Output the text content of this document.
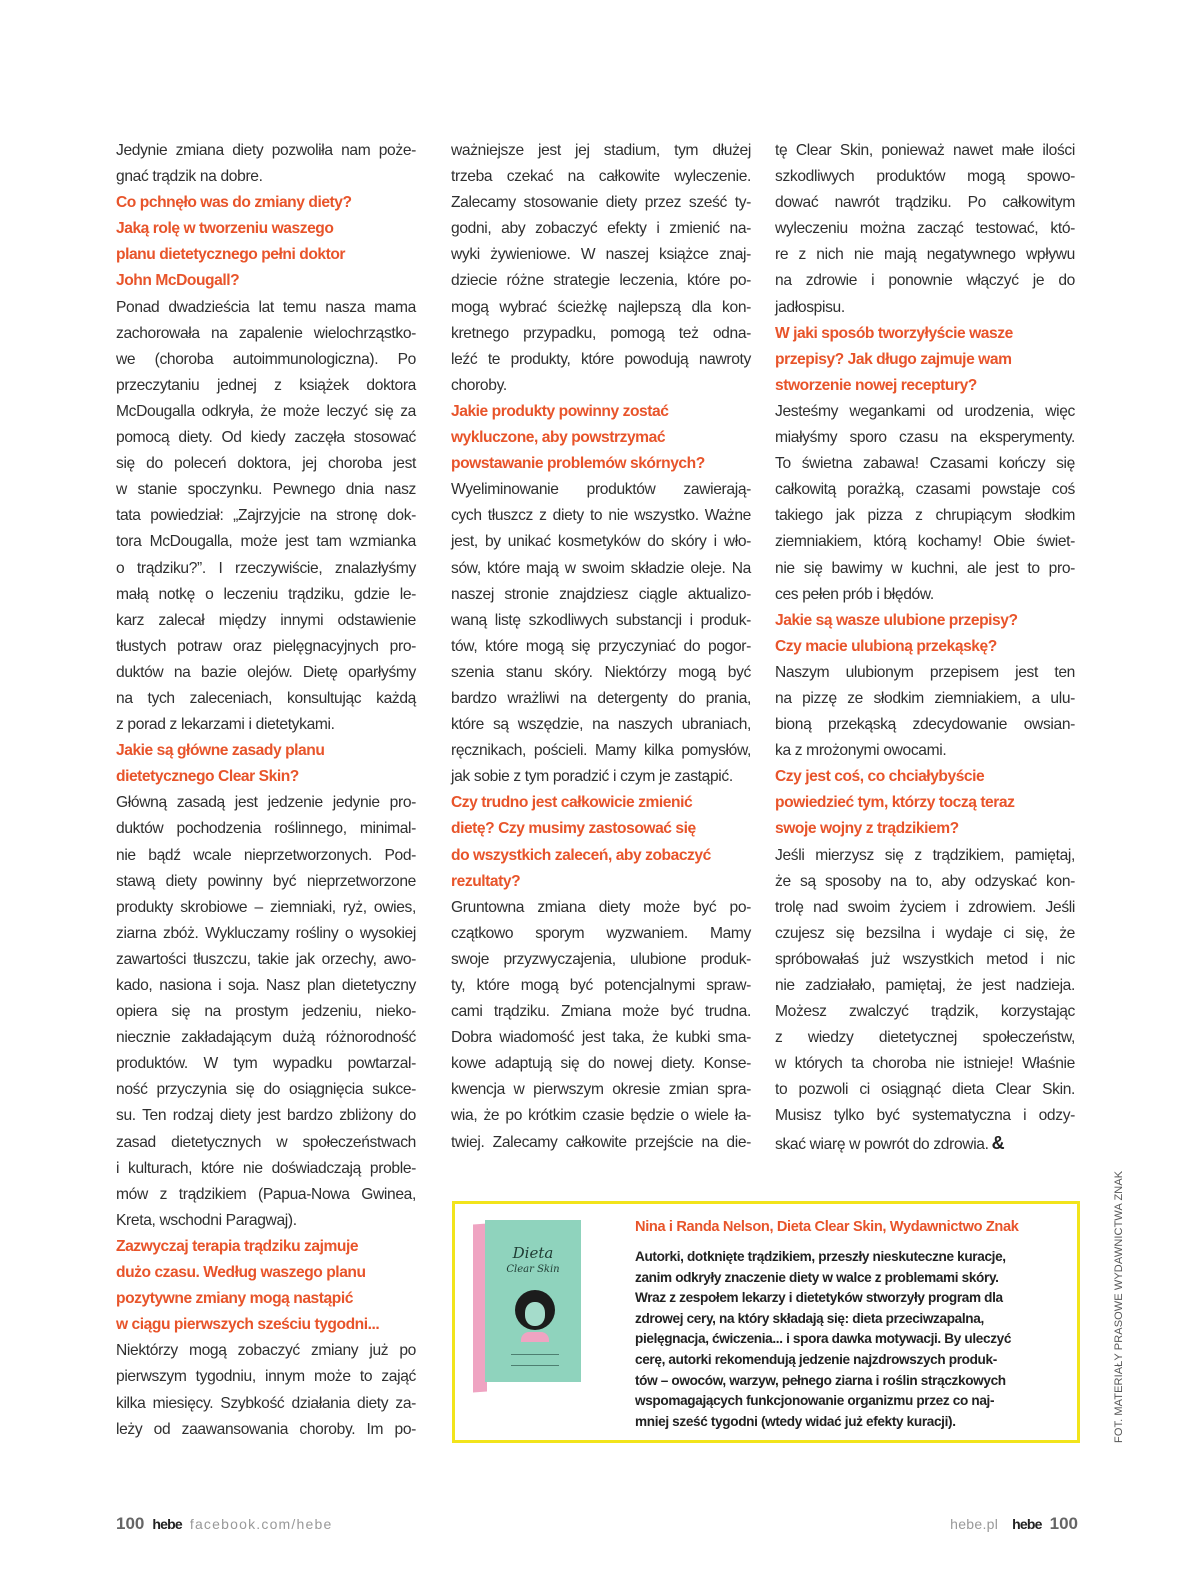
Jedynie zmiana diety pozwoliła nam poże-
gnać trądzik na dobre.
Co pchnęło was do zmiany diety?
Jaką rolę w tworzeniu waszego
planu dietetycznego pełni doktor
John McDougall?
Ponad dwadzieścia lat temu nasza mama
zachorowała na zapalenie wielochrząstko-
we (choroba autoimmunologiczna). Po
przeczytaniu jednej z książek doktora
McDougalla odkryła, że może leczyć się za
pomocą diety. Od kiedy zaczęła stosować
się do poleceń doktora, jej choroba jest
w stanie spoczynku. Pewnego dnia nasz
tata powiedział: „Zajrzyjcie na stronę dok-
tora McDougalla, może jest tam wzmianka
o trądziku?”. I rzeczywiście, znalazłyśmy
małą notkę o leczeniu trądziku, gdzie le-
karz zalecał między innymi odstawienie
tłustych potraw oraz pielęgnacyjnych pro-
duktów na bazie olejów. Dietę oparłyśmy
na tych zaleceniach, konsultując każdą
z porad z lekarzami i dietetykami.
Jakie są główne zasady planu
dietetycznego Clear Skin?
Główną zasadą jest jedzenie jedynie pro-
duktów pochodzenia roślinnego, minimal-
nie bądź wcale nieprzetworzonych. Pod-
stawą diety powinny być nieprzetworzone
produkty skrobiowe – ziemniaki, ryż, owies,
ziarna zbóż. Wykluczamy rośliny o wysokiej
zawartości tłuszczu, takie jak orzechy, awo-
kado, nasiona i soja. Nasz plan dietetyczny
opiera się na prostym jedzeniu, nieko-
niecznie zakładającym dużą różnorodność
produktów. W tym wypadku powtarzal-
ność przyczynia się do osiągnięcia sukce-
su. Ten rodzaj diety jest bardzo zbliżony do
zasad dietetycznych w społeczeństwach
i kulturach, które nie doświadczają proble-
mów z trądzikiem (Papua-Nowa Gwinea,
Kreta, wschodni Paragwaj).
Zazwyczaj terapia trądziku zajmuje
dużo czasu. Według waszego planu
pozytywne zmiany mogą nastąpić
w ciągu pierwszych sześciu tygodni...
Niektórzy mogą zobaczyć zmiany już po
pierwszym tygodniu, innym może to zająć
kilka miesięcy. Szybkość działania diety za-
leży od zaawansowania choroby. Im po-
ważniejsze jest jej stadium, tym dłużej
trzeba czekać na całkowite wyleczenie.
Zalecamy stosowanie diety przez sześć ty-
godni, aby zobaczyć efekty i zmienić na-
wyki żywieniowe. W naszej książce znaj-
dziecie różne strategie leczenia, które po-
mogą wybrać ścieżkę najlepszą dla kon-
kretnego przypadku, pomogą też odna-
leźć te produkty, które powodują nawroty
choroby.
Jakie produkty powinny zostać
wykluczone, aby powstrzymać
powstawanie problemów skórnych?
Wyeliminowanie produktów zawierają-
cych tłuszcz z diety to nie wszystko. Ważne
jest, by unikać kosmetyków do skóry i wło-
sów, które mają w swoim składzie oleje. Na
naszej stronie znajdziesz ciągle aktualizo-
waną listę szkodliwych substancji i produk-
tów, które mogą się przyczyniać do pogor-
szenia stanu skóry. Niektórzy mogą być
bardzo wrażliwi na detergenty do prania,
które są wszędzie, na naszych ubraniach,
ręcznikach, pościeli. Mamy kilka pomysłów,
jak sobie z tym poradzić i czym je zastąpić.
Czy trudno jest całkowicie zmienić
dietę? Czy musimy zastosować się
do wszystkich zaleceń, aby zobaczyć
rezultaty?
Gruntowna zmiana diety może być po-
czątkowo sporym wyzwaniem. Mamy
swoje przyzwyczajenia, ulubione produk-
ty, które mogą być potencjalnymi spraw-
cami trądziku. Zmiana może być trudna.
Dobra wiadomość jest taka, że kubki sma-
kowe adaptują się do nowej diety. Konse-
kwencja w pierwszym okresie zmian spra-
wia, że po krótkim czasie będzie o wiele ła-
twiej. Zalecamy całkowite przejście na die-
tę Clear Skin, ponieważ nawet małe ilości
szkodliwych produktów mogą spowo-
dować nawrót trądziku. Po całkowitym
wyleczeniu można zacząć testować, któ-
re z nich nie mają negatywnego wpływu
na zdrowie i ponownie włączyć je do
jadłospisu.
W jaki sposób tworzyłyście wasze
przepisy? Jak długo zajmuje wam
stworzenie nowej receptury?
Jesteśmy wegankami od urodzenia, więc
miałyśmy sporo czasu na eksperymenty.
To świetna zabawa! Czasami kończy się
całkowitą porażką, czasami powstaje coś
takiego jak pizza z chrupiącym słodkim
ziemniakiem, którą kochamy! Obie świet-
nie się bawimy w kuchni, ale jest to pro-
ces pełen prób i błędów.
Jakie są wasze ulubione przepisy?
Czy macie ulubioną przekąskę?
Naszym ulubionym przepisem jest ten
na pizzę ze słodkim ziemniakiem, a ulu-
bioną przekąską zdecydowanie owsian-
ka z mrożonymi owocami.
Czy jest coś, co chciałybyście
powiedzieć tym, którzy toczą teraz
swoje wojny z trądzikiem?
Jeśli mierzysz się z trądzikiem, pamiętaj,
że są sposoby na to, aby odzyskać kon-
trolę nad swoim życiem i zdrowiem. Jeśli
czujesz się bezsilna i wydaje ci się, że
spróbowałaś już wszystkich metod i nic
nie zadziałało, pamiętaj, że jest nadzieja.
Możesz zwalczyć trądzik, korzystając
z wiedzy dietetycznej społeczeństw,
w których ta choroba nie istnieje! Właśnie
to pozwoli ci osiągnąć dieta Clear Skin.
Musisz tylko być systematyczna i odzy-
skać wiarę w powrót do zdrowia. &
Dieta
Clear Skin
Nina i Randa Nelson, Dieta Clear Skin, Wydawnictwo Znak
Autorki, dotknięte trądzikiem, przeszły nieskuteczne kuracje,
zanim odkryły znaczenie diety w walce z problemami skóry.
Wraz z zespołem lekarzy i dietetyków stworzyły program dla
zdrowej cery, na który składają się: dieta przeciwzapalna,
pielęgnacja, ćwiczenia... i spora dawka motywacji. By uleczyć
cerę, autorki rekomendują jedzenie najzdrowszych produk-
tów – owoców, warzyw, pełnego ziarna i roślin strączkowych
wspomagających funkcjonowanie organizmu przez co naj-
mniej sześć tygodni (wtedy widać już efekty kuracji).	FOT. MATERIAŁY PRASOWE WYDAWNICTWA ZNAK
100 hebe facebook.com/hebe	hebe.pl hebe 100
